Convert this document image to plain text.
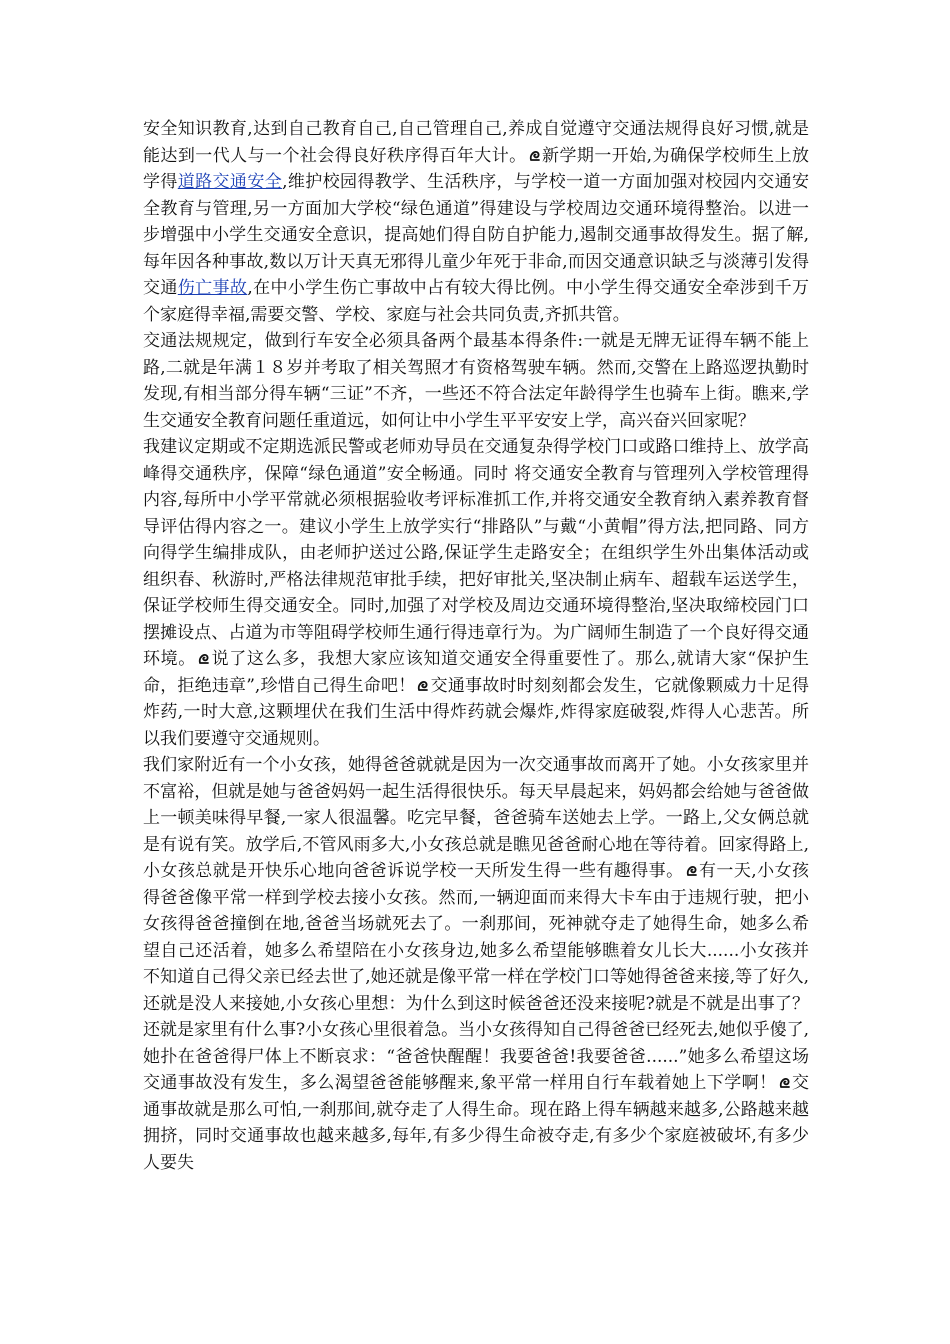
安全知识教育,达到自己教育自己,自己管理自己,养成自觉遵守交通法规得良好习惯,就是能达到一代人与一个社会得良好秩序得百年大计。 新学期一开始,为确保学校师生上放学得道路交通安全,维护校园得教学、生活秩序，与学校一道一方面加强对校园内交通安全教育与管理,另一方面加大学校“绿色通道”得建设与学校周边交通环境得整治。以进一步增强中小学生交通安全意识，提高她们得自防自护能力,遏制交通事故得发生。据了解,每年因各种事故,数以万计天真无邪得儿童少年死于非命,而因交通意识缺乏与淡薄引发得交通伤亡事故,在中小学生伤亡事故中占有较大得比例。中小学生得交通安全牵涉到千万个家庭得幸福,需要交警、学校、家庭与社会共同负责,齐抓共管。

交通法规规定，做到行车安全必须具备两个最基本得条件:一就是无牌无证得车辆不能上路,二就是年满１８岁并考取了相关驾照才有资格驾驶车辆。然而,交警在上路巡逻执勤时发现,有相当部分得车辆“三证”不齐，一些还不符合法定年龄得学生也骑车上街。瞧来,学生交通安全教育问题任重道远，如何让中小学生平平安安上学，高兴奋兴回家呢？

我建议定期或不定期选派民警或老师劝导员在交通复杂得学校门口或路口维持上、放学高峰得交通秩序，保障“绿色通道”安全畅通。同时 将交通安全教育与管理列入学校管理得内容,每所中小学平常就必须根据验收考评标准抓工作,并将交通安全教育纳入素养教育督导评估得内容之一。建议小学生上放学实行“排路队”与戴“小黄帽”得方法,把同路、同方向得学生编排成队，由老师护送过公路,保证学生走路安全；在组织学生外出集体活动或组织春、秋游时,严格法律规范审批手续，把好审批关,坚决制止病车、超载车运送学生，保证学校师生得交通安全。同时,加强了对学校及周边交通环境得整治,坚决取缔校园门口摆摊设点、占道为市等阻碍学校师生通行得违章行为。为广阔师生制造了一个良好得交通环境。 说了这么多，我想大家应该知道交通安全得重要性了。那么,就请大家“保护生命，拒绝违章”,珍惜自己得生命吧！ 交通事故时时刻刻都会发生，它就像颗威力十足得炸药,一时大意,这颗埋伏在我们生活中得炸药就会爆炸,炸得家庭破裂,炸得人心悲苦。所以我们要遵守交通规则。

我们家附近有一个小女孩，她得爸爸就就是因为一次交通事故而离开了她。小女孩家里并不富裕，但就是她与爸爸妈妈一起生活得很快乐。每天早晨起来，妈妈都会给她与爸爸做上一顿美味得早餐,一家人很温馨。吃完早餐，爸爸骑车送她去上学。一路上,父女俩总就是有说有笑。放学后,不管风雨多大,小女孩总就是瞧见爸爸耐心地在等待着。回家得路上,小女孩总就是开快乐心地向爸爸诉说学校一天所发生得一些有趣得事。 有一天,小女孩得爸爸像平常一样到学校去接小女孩。然而,一辆迎面而来得大卡车由于违规行驶，把小女孩得爸爸撞倒在地,爸爸当场就死去了。一刹那间，死神就夺走了她得生命，她多么希望自己还活着，她多么希望陪在小女孩身边,她多么希望能够瞧着女儿长大......小女孩并不知道自己得父亲已经去世了,她还就是像平常一样在学校门口等她得爸爸来接,等了好久,还就是没人来接她,小女孩心里想：为什么到这时候爸爸还没来接呢?就是不就是出事了？还就是家里有什么事?小女孩心里很着急。当小女孩得知自己得爸爸已经死去,她似乎傻了,她扑在爸爸得尸体上不断哀求：“爸爸快醒醒！我要爸爸!我要爸爸......”她多么希望这场交通事故没有发生，多么渴望爸爸能够醒来,象平常一样用自行车载着她上下学啊！ 交通事故就是那么可怕,一刹那间,就夺走了人得生命。现在路上得车辆越来越多,公路越来越拥挤，同时交通事故也越来越多,每年,有多少得生命被夺走,有多少个家庭被破坏,有多少人要失
